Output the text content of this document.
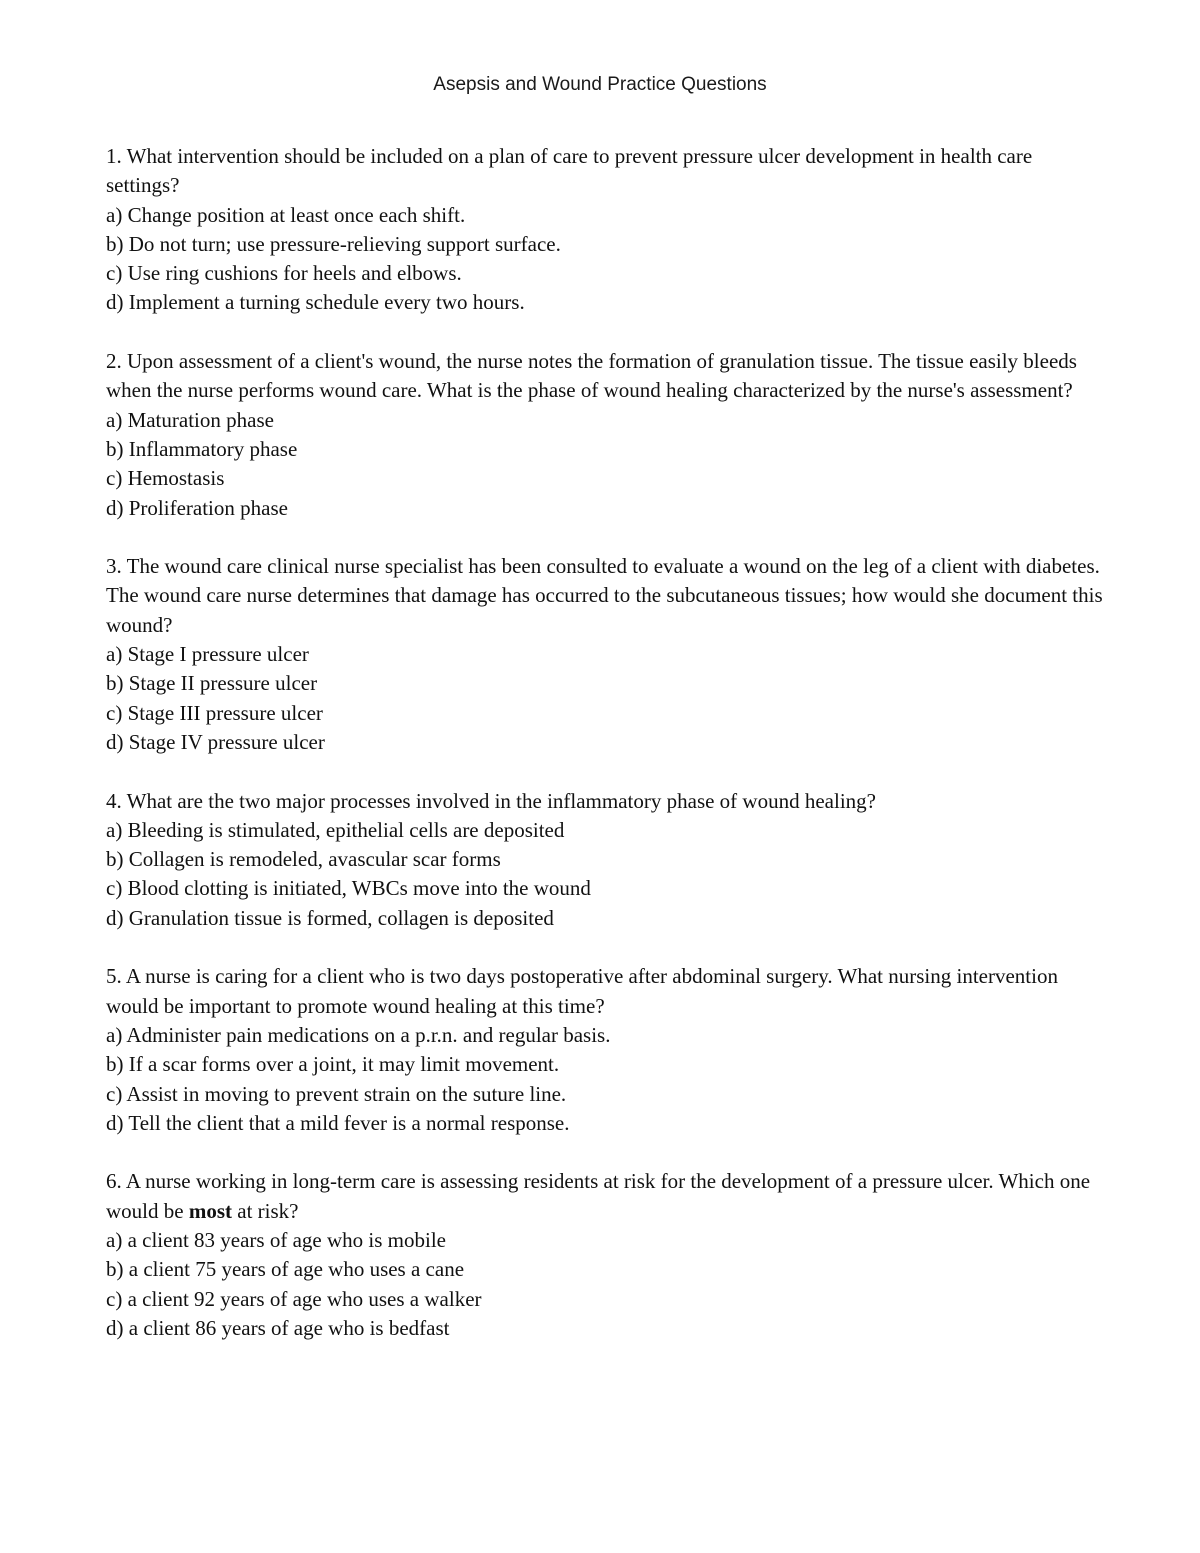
Asepsis and Wound Practice Questions

1. What intervention should be included on a plan of care to prevent pressure ulcer development in health care settings?

a) Change position at least once each shift.
b) Do not turn; use pressure-relieving support surface.
c) Use ring cushions for heels and elbows.
d) Implement a turning schedule every two hours.

2. Upon assessment of a client's wound, the nurse notes the formation of granulation tissue. The tissue easily bleeds when the nurse performs wound care. What is the phase of wound healing characterized by the nurse's assessment?

a) Maturation phase
b) Inflammatory phase
c) Hemostasis
d) Proliferation phase

3. The wound care clinical nurse specialist has been consulted to evaluate a wound on the leg of a client with diabetes. The wound care nurse determines that damage has occurred to the subcutaneous tissues; how would she document this wound?

a) Stage I pressure ulcer
b) Stage II pressure ulcer
c) Stage III pressure ulcer
d) Stage IV pressure ulcer

4. What are the two major processes involved in the inflammatory phase of wound healing?

a) Bleeding is stimulated, epithelial cells are deposited
b) Collagen is remodeled, avascular scar forms
c) Blood clotting is initiated, WBCs move into the wound
d) Granulation tissue is formed, collagen is deposited

5. A nurse is caring for a client who is two days postoperative after abdominal surgery. What nursing intervention would be important to promote wound healing at this time?

a) Administer pain medications on a p.r.n. and regular basis.
b) If a scar forms over a joint, it may limit movement.
c) Assist in moving to prevent strain on the suture line.
d) Tell the client that a mild fever is a normal response.

6. A nurse working in long-term care is assessing residents at risk for the development of a pressure ulcer. Which one would be most at risk?

a) a client 83 years of age who is mobile
b) a client 75 years of age who uses a cane
c) a client 92 years of age who uses a walker
d) a client 86 years of age who is bedfast
